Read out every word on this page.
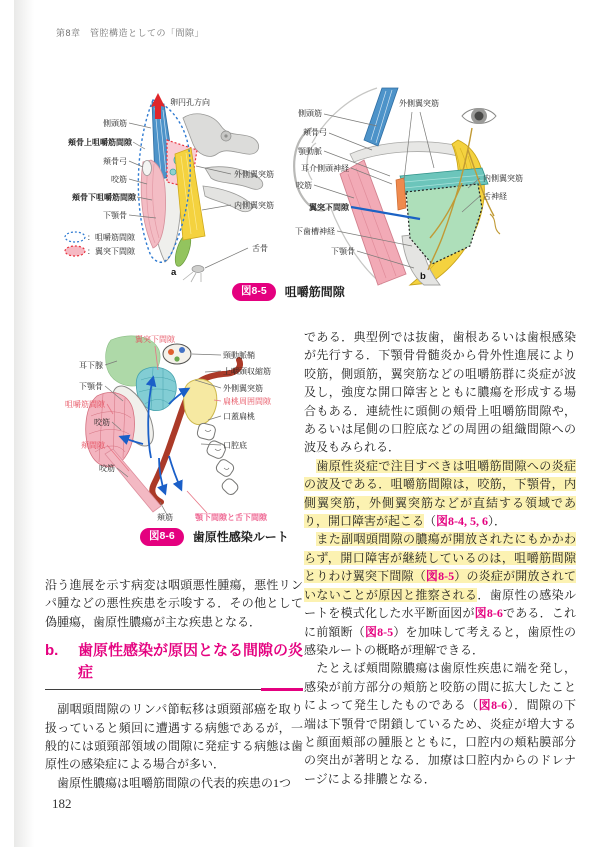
第8章　管腔構造としての「間隙」
卵円孔方向
側頭筋
頬骨上咀嚼筋間隙
頬骨弓
咬筋
頬骨下咀嚼筋間隙
下顎骨
外側翼突筋
内側翼突筋
舌骨
：咀嚼筋間隙
：翼突下間隙
a
外側翼突筋
側頭筋
頬骨弓
顎動脈
耳介側頭神経
咬筋
翼突下間隙
下歯槽神経
下顎骨
内側翼突筋
舌神経
b
図8-5	咀嚼筋間隙
翼突下間隙
耳下腺
下顎骨
咀嚼筋間隙
咬筋
頬間隙
咬筋
頬筋	顎下間隙と舌下間隙
頸動脈鞘
上咽頭収縮筋
外側翼突筋
扁桃周囲間隙
口蓋扁桃
口腔底
図8-6	歯原性感染ルート

沿う進展を示す病変は咽頭悪性腫瘍，悪性リンパ腫などの悪性疾患を示唆する．その他として偽腫瘍，歯原性膿瘍が主な疾患となる．

b.	歯原性感染が原因となる間隙の炎症

　副咽頭間隙のリンパ節転移は頭頸部癌を取り扱っていると頻回に遭遇する病態であるが，一般的には頭頸部領域の間隙に発症する病態は歯原性の感染症による場合が多い．

　歯原性膿瘍は咀嚼筋間隙の代表的疾患の1つ

である．典型例では抜歯，歯根あるいは歯根感染が先行する．下顎骨骨髄炎から骨外性進展により咬筋，側頭筋，翼突筋などの咀嚼筋群に炎症が波及し，強度な開口障害とともに膿瘍を形成する場合もある．連続性に頭側の頬骨上咀嚼筋間隙や，あるいは尾側の口腔底などの周囲の組織間隙への波及もみられる．

　歯原性炎症で注目すべきは咀嚼筋間隙への炎症の波及である．咀嚼筋間隙は，咬筋，下顎骨，内側翼突筋，外側翼突筋などが直結する領域であり，開口障害が起こる（図8-4, 5, 6）．

　また副咽頭間隙の膿瘍が開放されたにもかかわらず，開口障害が継続しているのは，咀嚼筋間隙とりわけ翼突下間隙（図8-5）の炎症が開放されていないことが原因と推察される．歯原性の感染ルートを模式化した水平断面図が図8-6である．これに前額断（図8-5）を加味して考えると，歯原性の感染ルートの概略が理解できる．

　たとえば頬間隙膿瘍は歯原性疾患に端を発し，感染が前方部分の頬筋と咬筋の間に拡大したことによって発生したものである（図8-6）．間隙の下端は下顎骨で閉鎖しているため、炎症が増大すると顔面頬部の腫脹とともに，口腔内の頬粘膜部分の突出が著明となる．加療は口腔内からのドレナージによる排膿となる．

182
